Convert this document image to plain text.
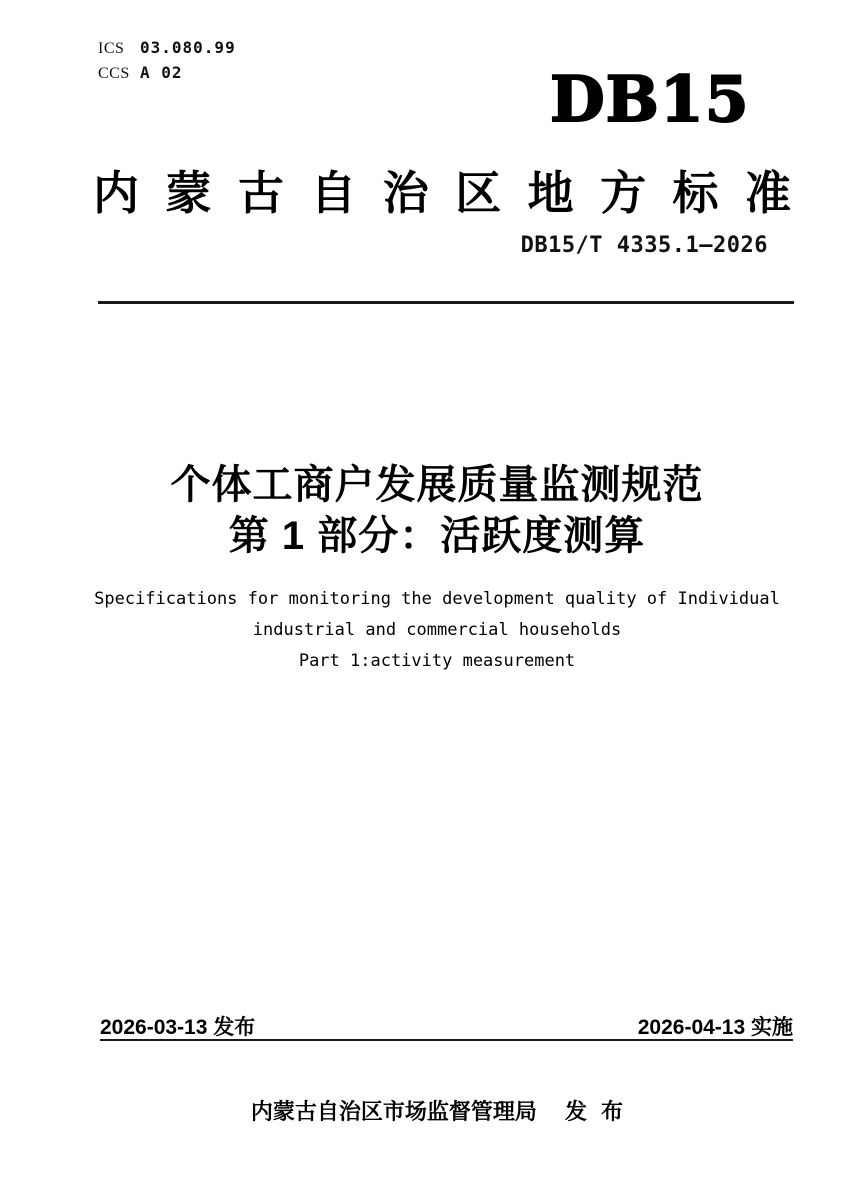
ICS 03.080.99
CCS A 02	DB15
内 蒙 古 自 治 区 地 方 标 准
DB15/T 4335.1—2026
个体工商户发展质量监测规范
第 1 部分：活跃度测算
Specifications for monitoring the development quality of Individual
industrial and commercial households
Part 1:activity measurement
2026-03-13 发布	2026-04-13 实施
内蒙古自治区市场监督管理局 发 布
